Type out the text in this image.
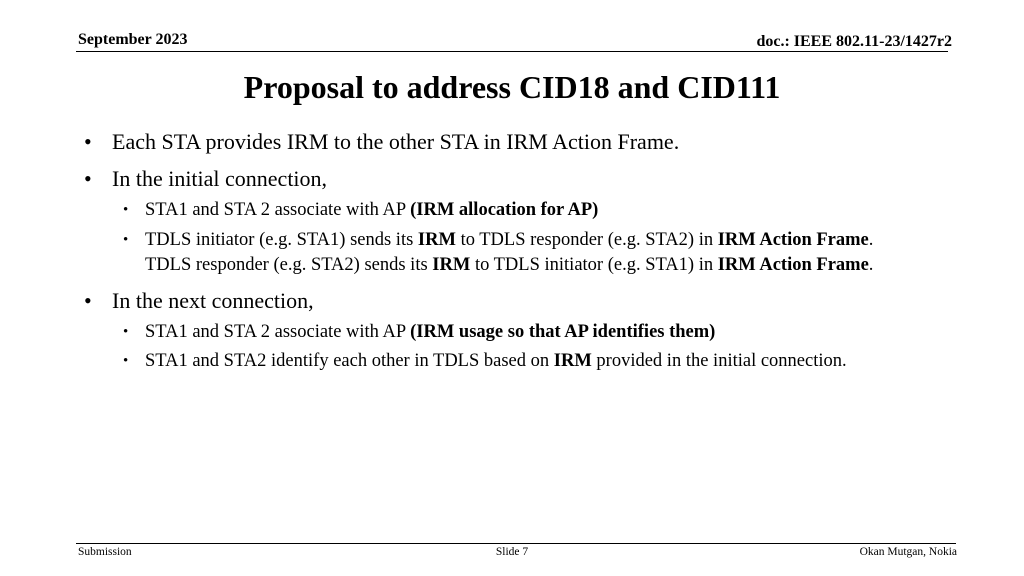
September 2023	doc.: IEEE 802.11-23/1427r2
Proposal to address CID18 and CID111
• Each STA provides IRM to the other STA in IRM Action Frame.
• In the initial connection,
• STA1 and STA 2 associate with AP (IRM allocation for AP)
• TDLS initiator (e.g. STA1) sends its IRM to TDLS responder (e.g. STA2) in IRM Action Frame.
TDLS responder (e.g. STA2) sends its IRM to TDLS initiator (e.g. STA1) in IRM Action Frame.
• In the next connection,
• STA1 and STA 2 associate with AP (IRM usage so that AP identifies them)
• STA1 and STA2 identify each other in TDLS based on IRM provided in the initial connection.
Submission	Slide 7	Okan Mutgan, Nokia
